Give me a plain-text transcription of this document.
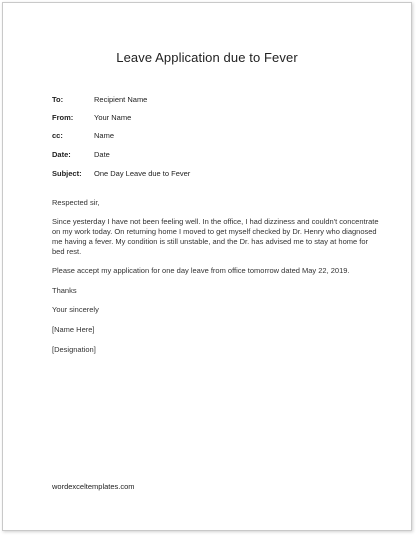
Leave Application due to Fever
To:	Recipient Name
From:	Your Name
cc:	Name
Date:	Date
Subject: One Day Leave due to Fever
Respected sir,
Since yesterday I have not been feeling well. In the office, I had dizziness and couldn't concentrate on my work today. On returning home I moved to get myself checked by Dr. Henry who diagnosed me having a fever. My condition is still unstable, and the Dr. has advised me to stay at home for bed rest.
Please accept my application for one day leave from office tomorrow dated May 22, 2019.
Thanks
Your sincerely
[Name Here]
[Designation]
wordexceltemplates.com
